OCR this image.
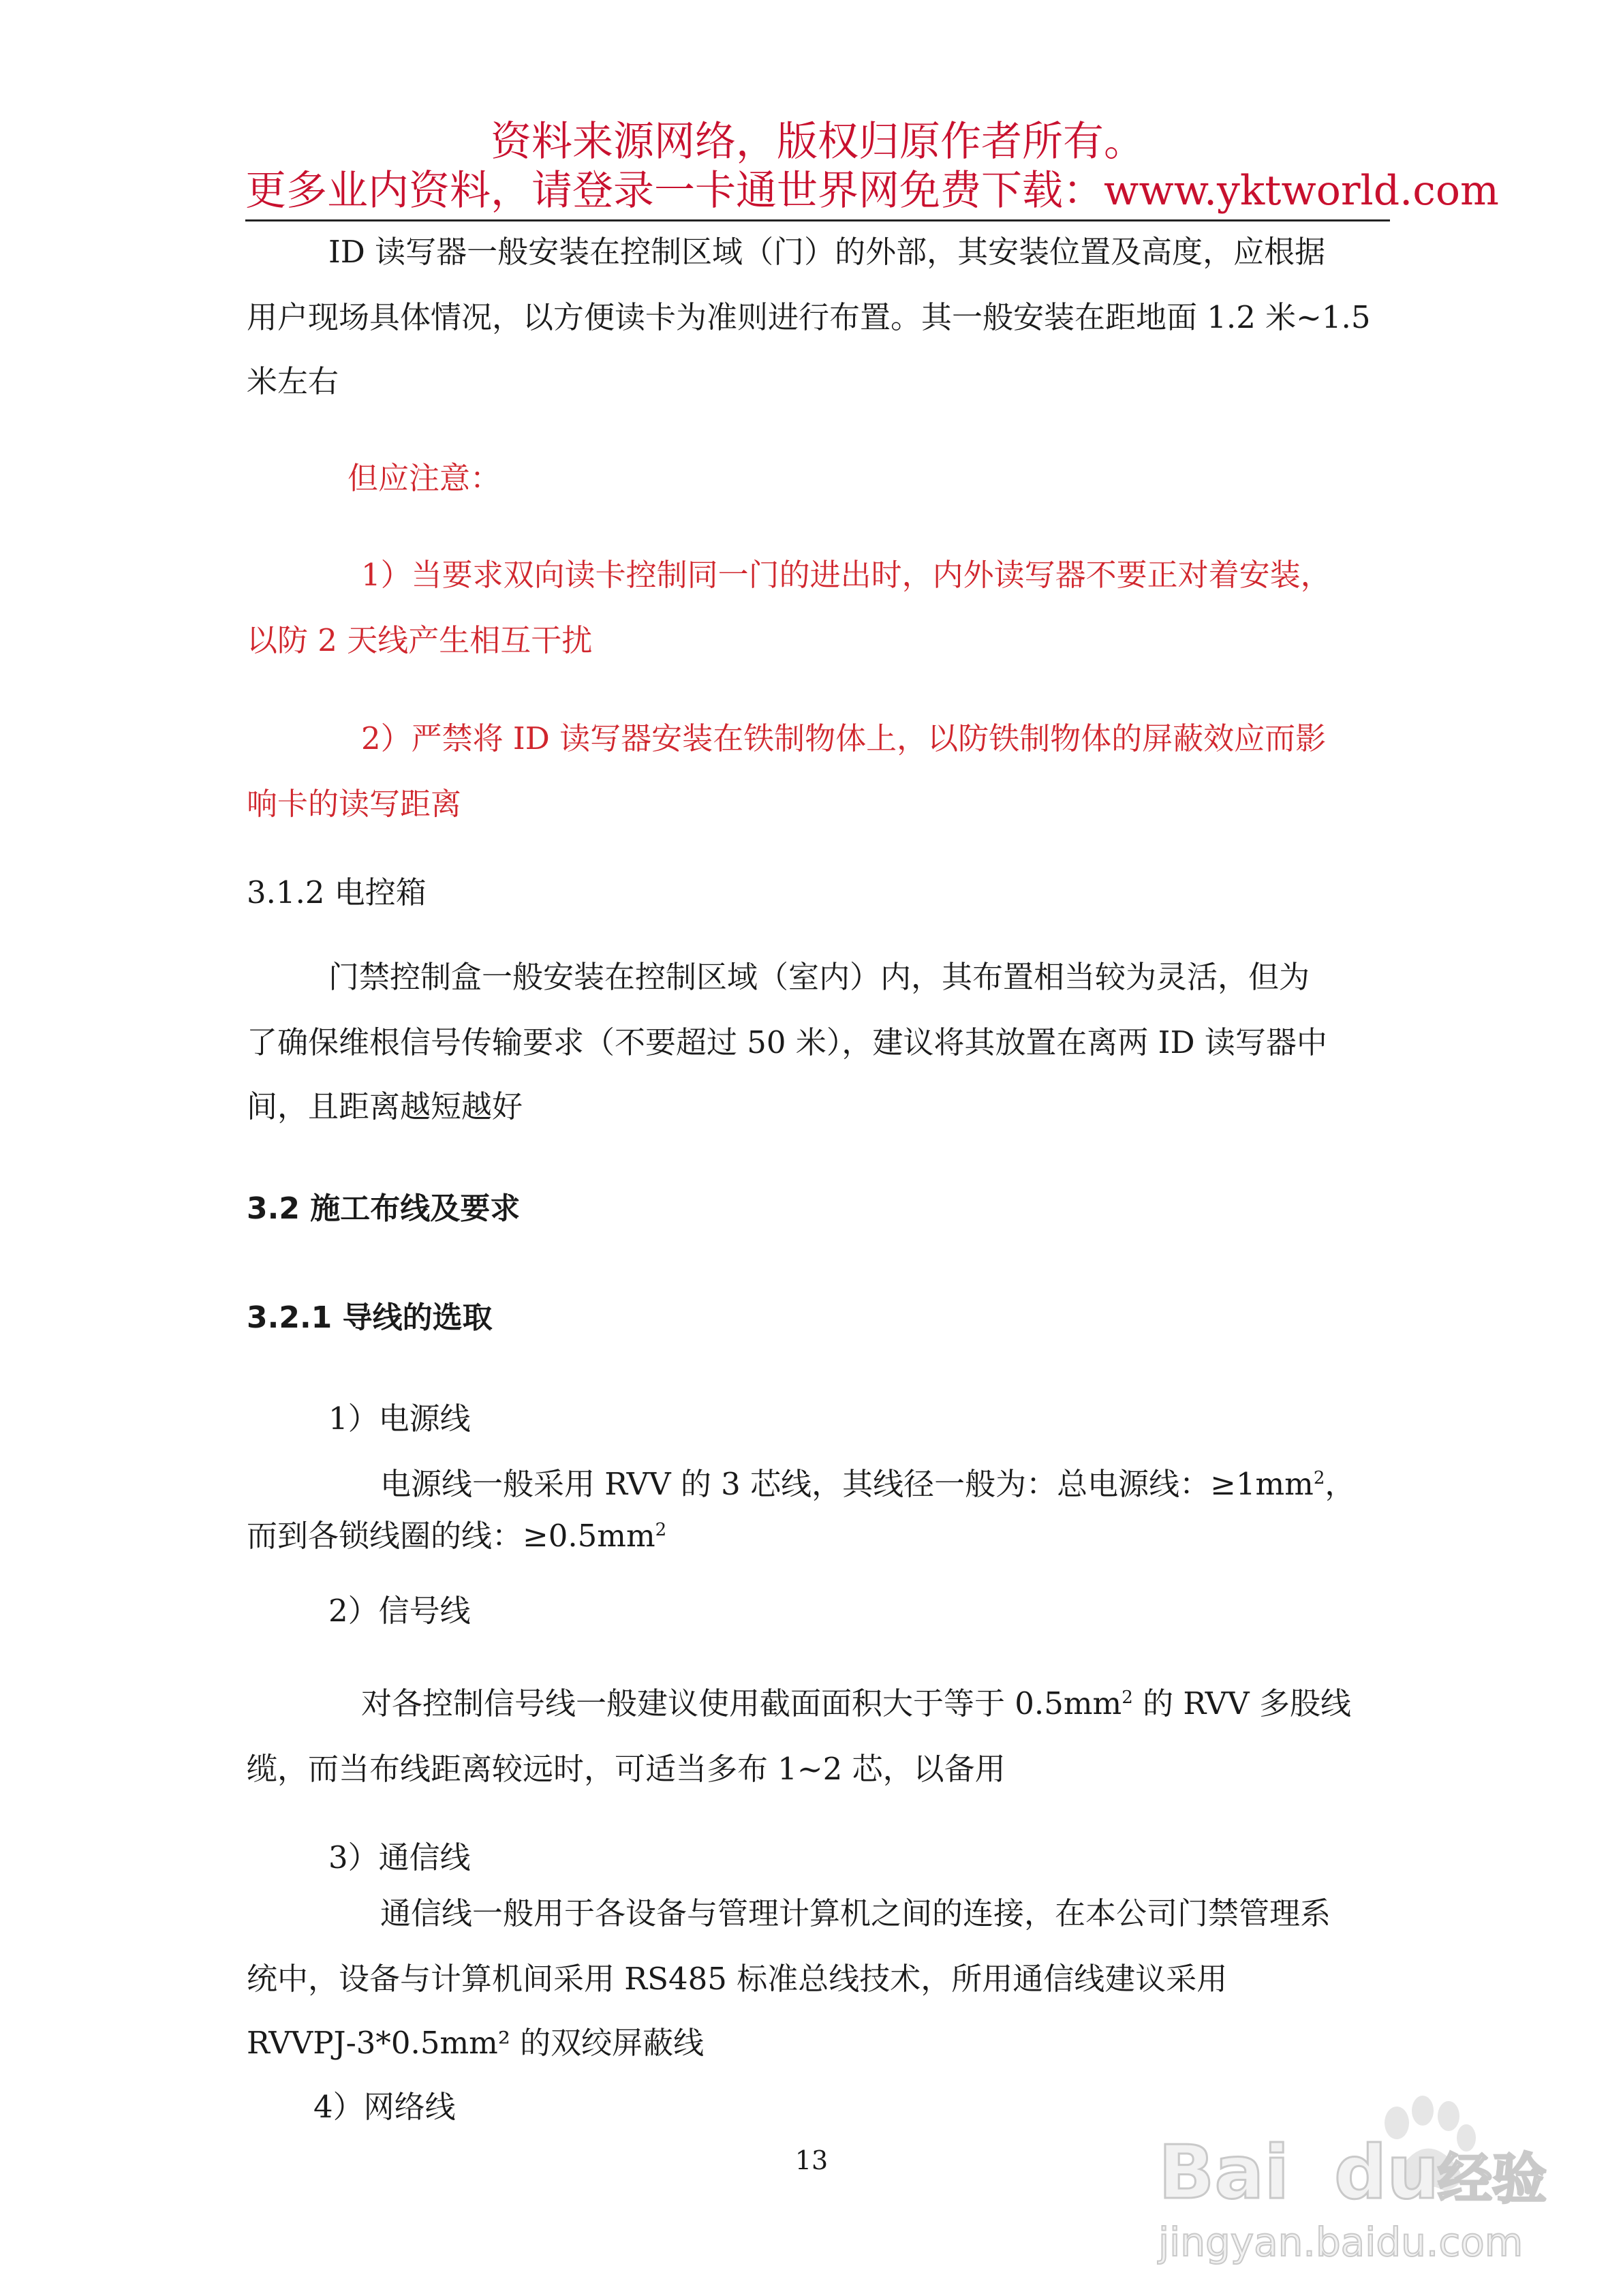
资料来源网络，版权归原作者所有。
更多业内资料，请登录一卡通世界网免费下载：www.yktworld.com
ID 读写器一般安装在控制区域（门）的外部，其安装位置及高度，应根据
用户现场具体情况，以方便读卡为准则进行布置。其一般安装在距地面 1.2 米~1.5
米左右
但应注意：
1）当要求双向读卡控制同一门的进出时，内外读写器不要正对着安装，
以防 2 天线产生相互干扰
2）严禁将 ID 读写器安装在铁制物体上，以防铁制物体的屏蔽效应而影
响卡的读写距离
3.1.2 电控箱
门禁控制盒一般安装在控制区域（室内）内，其布置相当较为灵活，但为
了确保维根信号传输要求（不要超过 50 米），建议将其放置在离两 ID 读写器中
间，且距离越短越好
3.2 施工布线及要求
3.2.1 导线的选取
1）电源线
电源线一般采用 RVV 的 3 芯线，其线径一般为：总电源线：$\ge 1mm^2$，
而到各锁线圈的线：$\ge 0.5mm^2$
2）信号线
对各控制信号线一般建议使用截面面积大于等于 $0.5mm^2$ 的 RVV 多股线
缆，而当布线距离较远时，可适当多布 1~2 芯，以备用
3）通信线
通信线一般用于各设备与管理计算机之间的连接，在本公司门禁管理系
统中，设备与计算机间采用 RS485 标准总线技术，所用通信线建议采用
RVVPJ-3*0.5mm² 的双绞屏蔽线
4）网络线
13	Bai du
经验
jingyan.baidu.com
